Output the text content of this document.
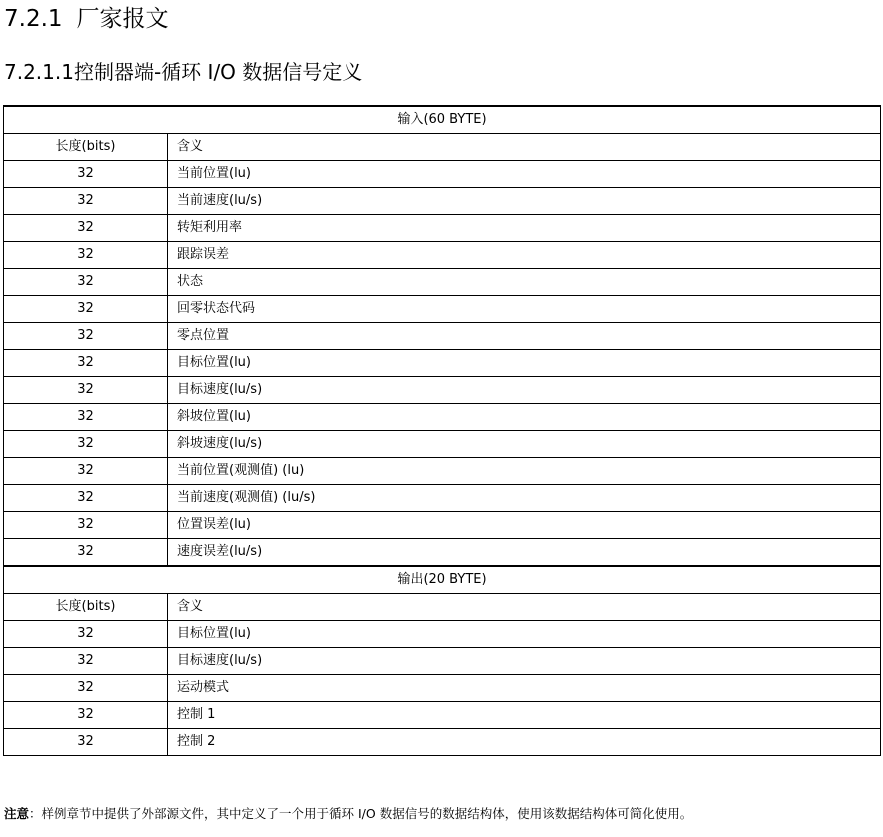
7.2.1 厂家报文
7.2.1.1控制器端-循环 I/O 数据信号定义
输入(60 BYTE)	
长度(bits)	含义
32	当前位置(lu)
32	当前速度(lu/s)
32	转矩利用率
32	跟踪误差
32	状态
32	回零状态代码
32	零点位置
32	目标位置(lu)
32	目标速度(lu/s)
32	斜坡位置(lu)
32	斜坡速度(lu/s)
32	当前位置(观测值) (lu)
32	当前速度(观测值) (lu/s)
32	位置误差(lu)
32	速度误差(lu/s)
输出(20 BYTE)	
长度(bits)	含义
32	目标位置(lu)
32	目标速度(lu/s)
32	运动模式
32	控制 1
32	控制 2
注意：样例章节中提供了外部源文件，其中定义了一个用于循环 I/O 数据信号的数据结构体，使用该数据结构体可简化使用。
